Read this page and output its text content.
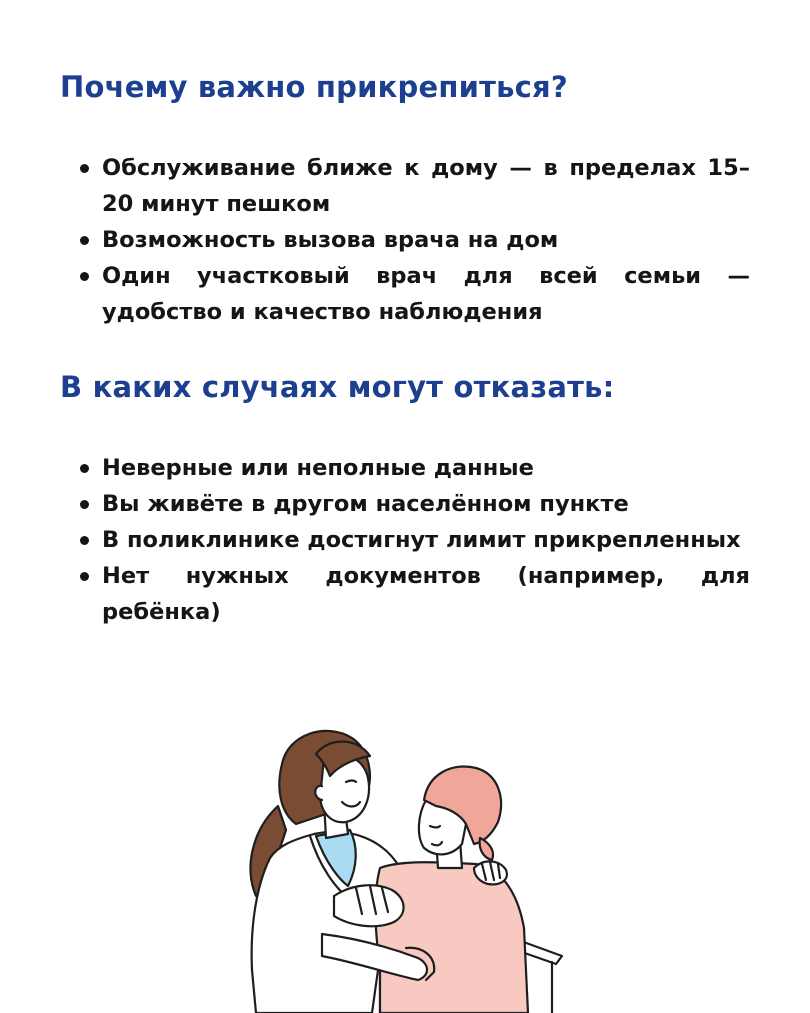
Почему важно прикрепиться?
Обслуживание ближе к дому — в пределах 15–20 минут пешком
Возможность вызова врача на дом
Один участковый врач для всей семьи — удобство и качество наблюдения
В каких случаях могут отказать:
Неверные или неполные данные
Вы живёте в другом населённом пункте
В поликлинике достигнут лимит прикрепленных
Нет нужных документов (например, для ребёнка)
